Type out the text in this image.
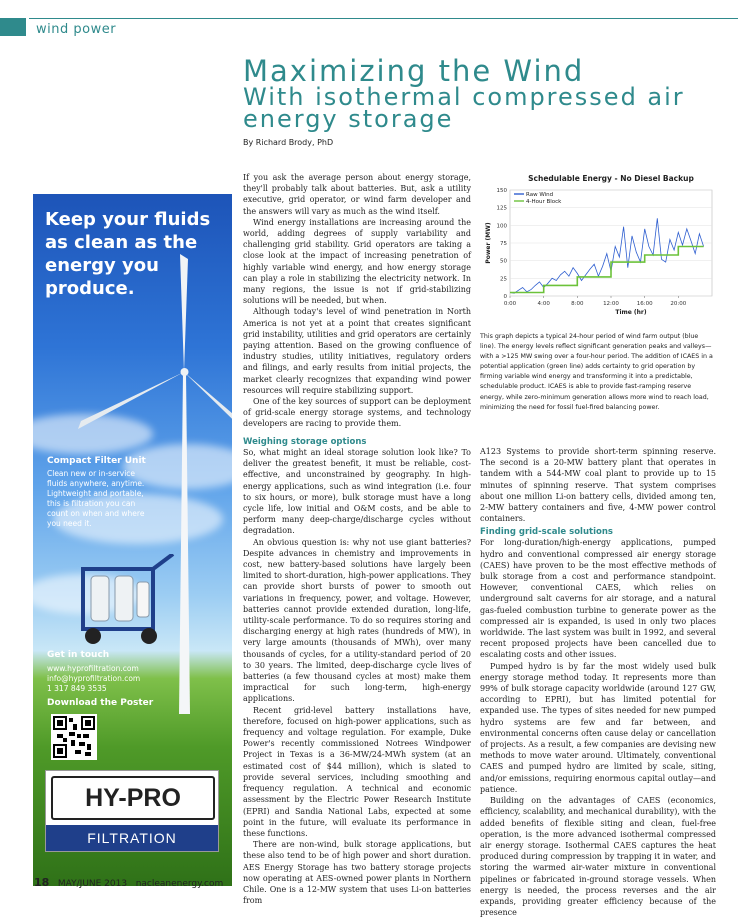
wind power
Maximizing the Wind
With isothermal compressed air energy storage
By Richard Brody, PhD
Keep your fluids as clean as the energy you produce.
Compact Filter Unit
Clean new or in-service fluids anywhere, anytime. Lightweight and portable, this is filtration you can count on when and where you need it.
Get in touch
www.hyprofiltration.com
info@hyprofiltration.com
1 317 849 3535
Download the Poster
HY-PRO
FILTRATION

If you ask the average person about energy storage, they'll probably talk about batteries. But, ask a utility executive, grid operator, or wind farm developer and the answers will vary as much as the wind itself.

Wind energy installations are increasing around the world, adding degrees of supply variability and challenging grid stability. Grid operators are taking a close look at the impact of increasing penetration of highly variable wind energy, and how energy storage can play a role in stabilizing the electricity network. In many regions, the issue is not if grid-stabilizing solutions will be needed, but when.

Although today's level of wind penetration in North America is not yet at a point that creates significant grid instability, utilities and grid operators are certainly paying attention. Based on the growing confluence of industry studies, utility initiatives, regulatory orders and filings, and early results from initial projects, the market clearly recognizes that expanding wind power resources will require stabilizing support.

One of the key sources of support can be deployment of grid-scale energy storage systems, and technology developers are racing to provide them.

Weighing storage options

So, what might an ideal storage solution look like? To deliver the greatest benefit, it must be reliable, cost-effective, and unconstrained by geography. In high-energy applications, such as wind integration (i.e. four to six hours, or more), bulk storage must have a long cycle life, low initial and O&M costs, and be able to perform many deep-charge/discharge cycles without degradation.

An obvious question is: why not use giant batteries? Despite advances in chemistry and improvements in cost, new battery-based solutions have largely been limited to short-duration, high-power applications. They can provide short bursts of power to smooth out variations in frequency, power, and voltage. However, batteries cannot provide extended duration, long-life, utility-scale performance. To do so requires storing and discharging energy at high rates (hundreds of MW), in very large amounts (thousands of MWh), over many thousands of cycles, for a utility-standard period of 20 to 30 years. The limited, deep-discharge cycle lives of batteries (a few thousand cycles at most) make them impractical for such long-term, high-energy applications.

Recent grid-level battery installations have, therefore, focused on high-power applications, such as frequency and voltage regulation. For example, Duke Power's recently commissioned Notrees Windpower Project in Texas is a 36-MW/24-MWh system (at an estimated cost of $44 million), which is slated to provide several services, including smoothing and frequency regulation. A technical and economic assessment by the Electric Power Research Institute (EPRI) and Sandia National Labs, expected at some point in the future, will evaluate its performance in these functions.

There are non-wind, bulk storage applications, but these also tend to be of high power and short duration. AES Energy Storage has two battery storage projects now operating at AES-owned power plants in Northern Chile. One is a 12-MW system that uses Li-on batteries from

Schedulable Energy - No Diesel Backup
0
25
50
75
100
125
150
0:00	4:00	8:00	12:00	16:00	20:00
Time (hr)
Power (MW)
Raw Wind
4-Hour Block
This graph depicts a typical 24-hour period of wind farm output (blue line). The energy levels reflect significant generation peaks and valleys—with a >125 MW swing over a four-hour period. The addition of ICAES in a potential application (green line) adds certainty to grid operation by firming variable wind energy and transforming it into a predictable, schedulable product. ICAES is able to provide fast-ramping reserve energy, while zero-minimum generation allows more wind to reach load, minimizing the need for fossil fuel-fired balancing power.

A123 Systems to provide short-term spinning reserve. The second is a 20-MW battery plant that operates in tandem with a 544-MW coal plant to provide up to 15 minutes of spinning reserve. That system comprises about one million Li-on battery cells, divided among ten, 2-MW battery containers and five, 4-MW power control containers.

Finding grid-scale solutions

For long-duration/high-energy applications, pumped hydro and conventional compressed air energy storage (CAES) have proven to be the most effective methods of bulk storage from a cost and performance standpoint. However, conventional CAES, which relies on underground salt caverns for air storage, and a natural gas-fueled combustion turbine to generate power as the compressed air is expanded, is used in only two places worldwide. The last system was built in 1992, and several recent proposed projects have been cancelled due to escalating costs and other issues.

Pumped hydro is by far the most widely used bulk energy storage method today. It represents more than 99% of bulk storage capacity worldwide (around 127 GW, according to EPRI), but has limited potential for expanded use. The types of sites needed for new pumped hydro systems are few and far between, and environmental concerns often cause delay or cancellation of projects. As a result, a few companies are devising new methods to move water around. Ultimately, conventional CAES and pumped hydro are limited by scale, siting, and/or emissions, requiring enormous capital outlay—and patience.

Building on the advantages of CAES (economics, efficiency, scalability, and mechanical durability), with the added benefits of flexible siting and clean, fuel-free operation, is the more advanced isothermal compressed air energy storage. Isothermal CAES captures the heat produced during compression by trapping it in water, and storing the warmed air-water mixture in conventional pipelines or fabricated in-ground storage vessels. When energy is needed, the process reverses and the air expands, providing greater efficiency because of the presence

18 MAY/JUNE 2013 nacleanenergy.com
